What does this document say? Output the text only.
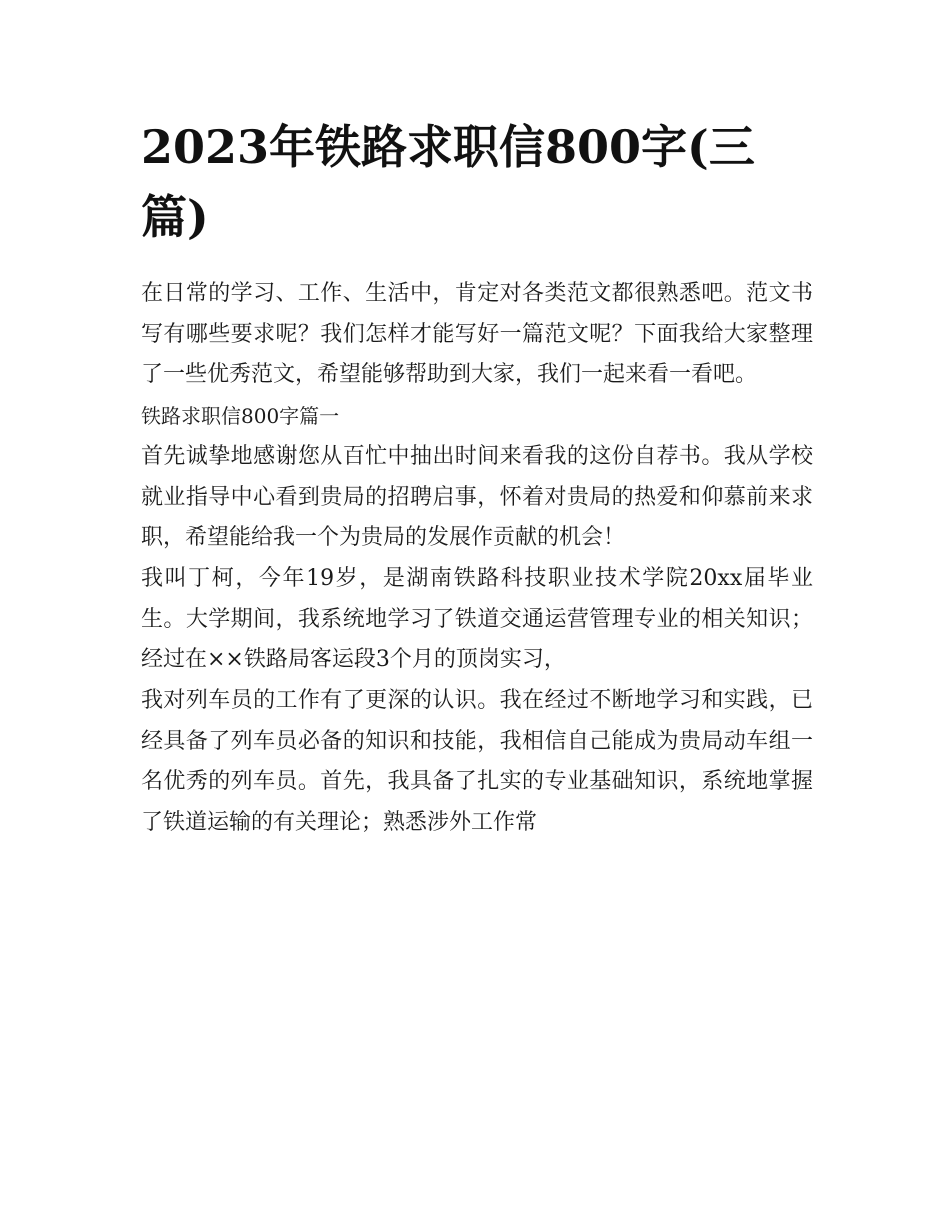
2023年铁路求职信800字(三篇)

在日常的学习、工作、生活中，肯定对各类范文都很熟悉吧。范文书写有哪些要求呢？我们怎样才能写好一篇范文呢？下面我给大家整理了一些优秀范文，希望能够帮助到大家，我们一起来看一看吧。

铁路求职信800字篇一

首先诚挚地感谢您从百忙中抽出时间来看我的这份自荐书。我从学校就业指导中心看到贵局的招聘启事，怀着对贵局的热爱和仰慕前来求职，希望能给我一个为贵局的发展作贡献的机会！

我叫丁柯，今年19岁，是湖南铁路科技职业技术学院20xx届毕业生。大学期间，我系统地学习了铁道交通运营管理专业的相关知识；经过在××铁路局客运段3个月的顶岗实习，

我对列车员的工作有了更深的认识。我在经过不断地学习和实践，已经具备了列车员必备的知识和技能，我相信自己能成为贵局动车组一名优秀的列车员。首先，我具备了扎实的专业基础知识，系统地掌握了铁道运输的有关理论；熟悉涉外工作常
